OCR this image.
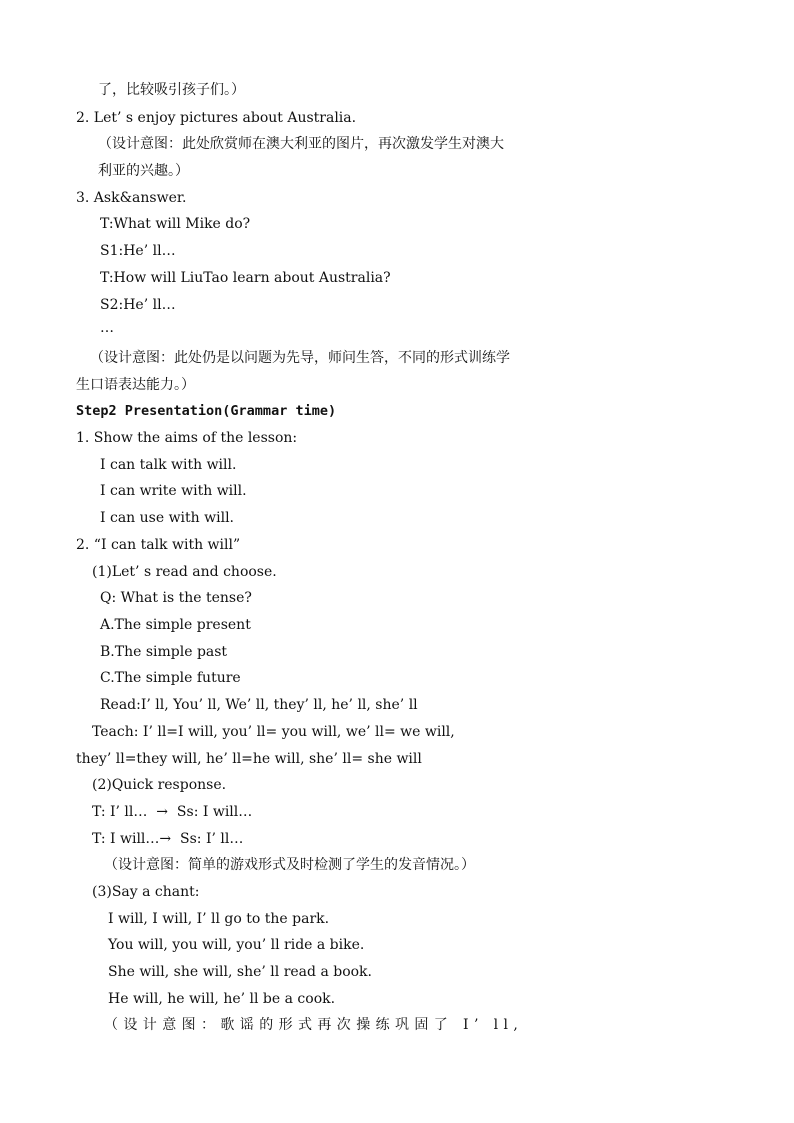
了，比较吸引孩子们。）
2. Let’ s enjoy pictures about Australia.
（设计意图：此处欣赏师在澳大利亚的图片，再次激发学生对澳大
利亚的兴趣。）
3. Ask&answer.
T:What will Mike do?
S1:He’ ll…
T:How will LiuTao learn about Australia?
S2:He’ ll…
…
（设计意图：此处仍是以问题为先导，师问生答，不同的形式训练学
生口语表达能力。）
Step2 Presentation(Grammar time)
1. Show the aims of the lesson:
I can talk with will.
I can write with will.
I can use with will.
2. “I can talk with will”
(1)Let’ s read and choose.
Q: What is the tense?
A.The simple present
B.The simple past
C.The simple future
Read:I’ ll, You’ ll, We’ ll, they’ ll, he’ ll, she’ ll
Teach: I’ ll=I will, you’ ll= you will, we’ ll= we will,
they’ ll=they will, he’ ll=he will, she’ ll= she will
(2)Quick response.
T: I’ ll…  →  Ss: I will…
T: I will…→  Ss: I’ ll…
（设计意图：简单的游戏形式及时检测了学生的发音情况。）
(3)Say a chant:
I will, I will, I’ ll go to the park.
You will, you will, you’ ll ride a bike.
She will, she will, she’ ll read a book.
He will, he will, he’ ll be a cook.
（设计意图：歌谣的形式再次操练巩固了 I’ ll,
